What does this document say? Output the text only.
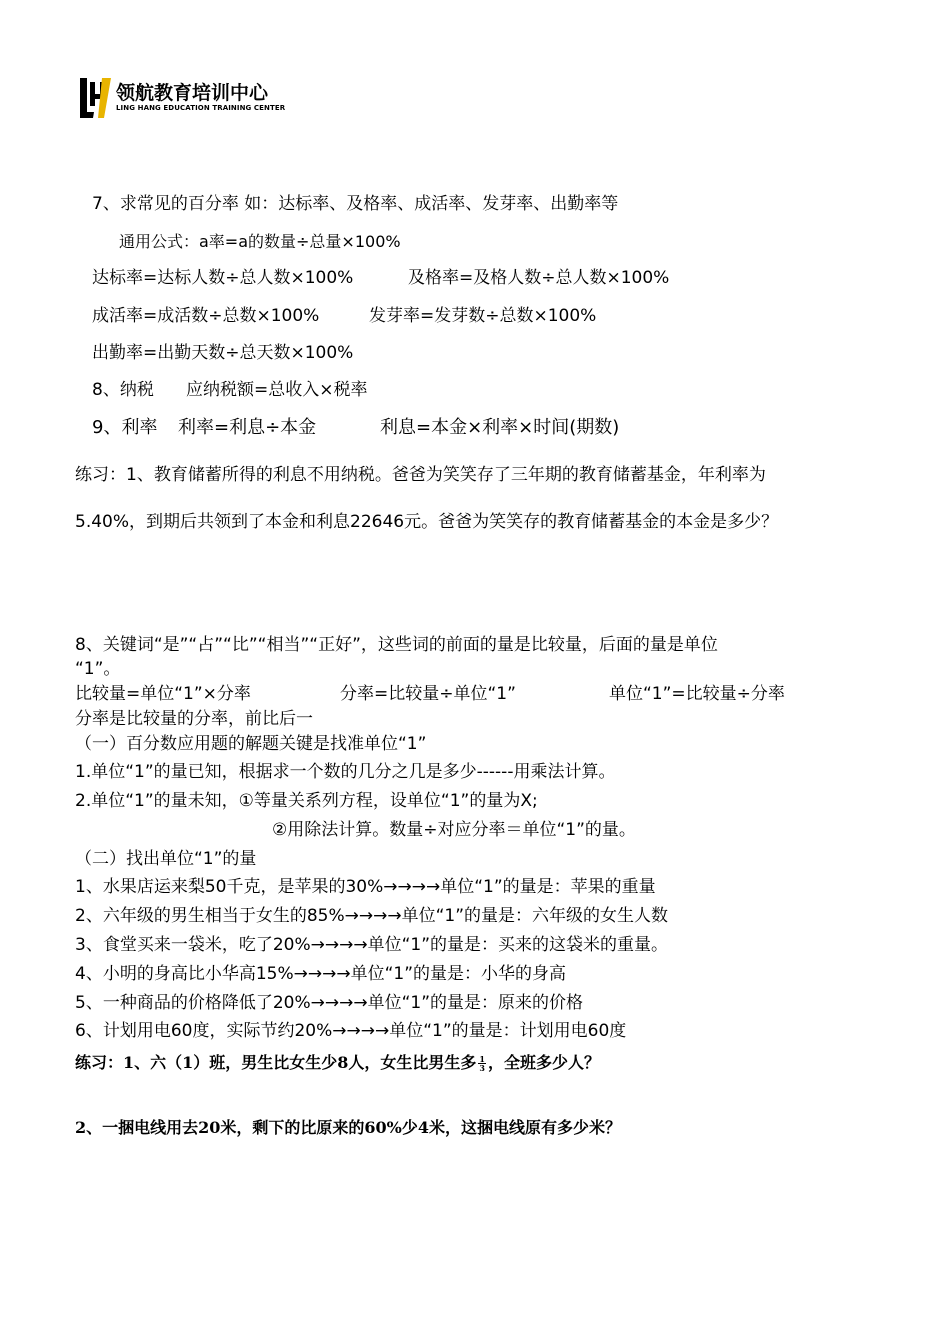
领航教育培训中心
LING HANG EDUCATION TRAINING CENTER
7、求常见的百分率 如：达标率、及格率、成活率、发芽率、出勤率等
通用公式：a率=a的数量÷总量×100%
达标率=达标人数÷总人数×100%	及格率=及格人数÷总人数×100%
成活率=成活数÷总数×100%	发芽率=发芽数÷总数×100%
出勤率=出勤天数÷总天数×100%
8、纳税 应纳税额=总收入×税率
9、利率 利率=利息÷本金	利息=本金×利率×时间(期数)
练习：1、教育储蓄所得的利息不用纳税。爸爸为笑笑存了三年期的教育储蓄基金，年利率为
5.40%，到期后共领到了本金和利息22646元。爸爸为笑笑存的教育储蓄基金的本金是多少？
8、关键词“是”“占”“比”“相当”“正好”，这些词的前面的量是比较量，后面的量是单位
“1”。
比较量=单位“1”×分率	分率=比较量÷单位“1”	单位“1”=比较量÷分率
分率是比较量的分率，前比后一
（一）百分数应用题的解题关键是找准单位“1”
1.单位“1”的量已知，根据求一个数的几分之几是多少------用乘法计算。
2.单位“1”的量未知，①等量关系列方程，设单位“1”的量为X;
②用除法计算。数量÷对应分率＝单位“1”的量。
（二）找出单位“1”的量
1、水果店运来梨50千克，是苹果的30%→→→→单位“1”的量是：苹果的重量
2、六年级的男生相当于女生的85%→→→→单位“1”的量是：六年级的女生人数
3、食堂买来一袋米，吃了20%→→→→单位“1”的量是：买来的这袋米的重量。
4、小明的身高比小华高15%→→→→单位“1”的量是：小华的身高
5、一种商品的价格降低了20%→→→→单位“1”的量是：原来的价格
6、计划用电60度，实际节约20%→→→→单位“1”的量是：计划用电60度
练习：1、六（1）班，男生比女生少8人，女生比男生多 $\frac{1}{3}$ ，全班多少人？
2、一捆电线用去20米，剩下的比原来的60%少4米，这捆电线原有多少米？
